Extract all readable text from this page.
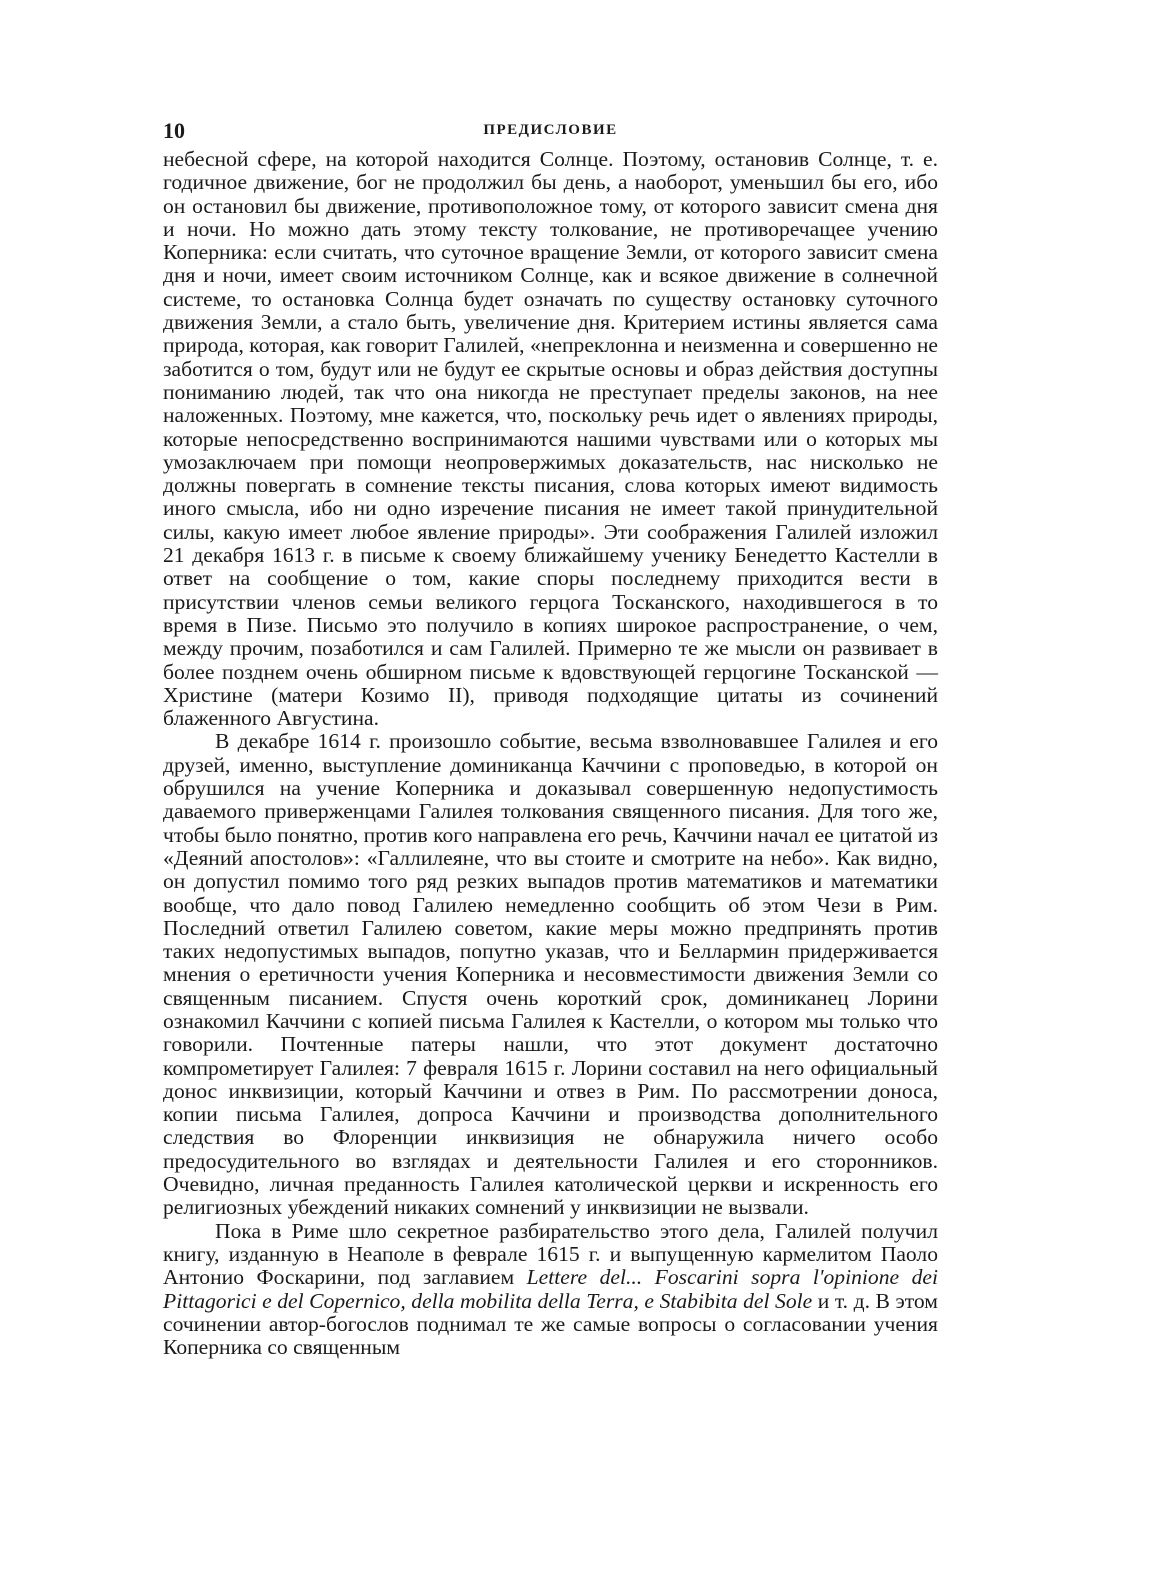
10	ПРЕДИСЛОВИЕ

небесной сфере, на которой находится Солнце. Поэтому, остановив Солнце, т. е. годичное движение, бог не продолжил бы день, а наоборот, уменьшил бы его, ибо он остановил бы движение, противоположное тому, от которого зависит смена дня и ночи. Но можно дать этому тексту толкование, не противоречащее учению Коперника: если считать, что суточное вращение Земли, от которого зависит смена дня и ночи, имеет своим источником Солнце, как и всякое движение в солнечной системе, то остановка Солнца будет означать по существу остановку суточного движения Земли, а стало быть, увеличение дня. Критерием истины является сама природа, которая, как говорит Галилей, «непреклонна и неизменна и совершенно не заботится о том, будут или не будут ее скрытые основы и образ действия доступны пониманию людей, так что она никогда не преступает пределы законов, на нее наложенных. Поэтому, мне кажется, что, поскольку речь идет о явлениях природы, которые непосредственно воспринимаются нашими чувствами или о которых мы умозаключаем при помощи неопровержимых доказательств, нас нисколько не должны повергать в сомнение тексты писания, слова которых имеют видимость иного смысла, ибо ни одно изречение писания не имеет такой принудительной силы, какую имеет любое явление природы». Эти соображения Галилей изложил 21 декабря 1613 г. в письме к своему ближайшему ученику Бенедетто Кастелли в ответ на сообщение о том, какие споры последнему приходится вести в присутствии членов семьи великого герцога Тосканского, находившегося в то время в Пизе. Письмо это получило в копиях широкое распространение, о чем, между прочим, позаботился и сам Галилей. Примерно те же мысли он развивает в более позднем очень обширном письме к вдовствующей герцогине Тосканской — Христине (матери Козимо II), приводя подходящие цитаты из сочинений блаженного Августина.

В декабре 1614 г. произошло событие, весьма взволновавшее Галилея и его друзей, именно, выступление доминиканца Каччини с проповедью, в которой он обрушился на учение Коперника и доказывал совершенную недопустимость даваемого приверженцами Галилея толкования священного писания. Для того же, чтобы было понятно, против кого направлена его речь, Каччини начал ее цитатой из «Деяний апостолов»: «Галлилеяне, что вы стоите и смотрите на небо». Как видно, он допустил помимо того ряд резких выпадов против математиков и математики вообще, что дало повод Галилею немедленно сообщить об этом Чези в Рим. Последний ответил Галилею советом, какие меры можно предпринять против таких недопустимых выпадов, попутно указав, что и Беллармин придерживается мнения о еретичности учения Коперника и несовместимости движения Земли со священным писанием. Спустя очень короткий срок, доминиканец Лорини ознакомил Каччини с копией письма Галилея к Кастелли, о котором мы только что говорили. Почтенные патеры нашли, что этот документ достаточно компрометирует Галилея: 7 февраля 1615 г. Лорини составил на него официальный донос инквизиции, который Каччини и отвез в Рим. По рассмотрении доноса, копии письма Галилея, допроса Каччини и производства дополнительного следствия во Флоренции инквизиция не обнаружила ничего особо предосудительного во взглядах и деятельности Галилея и его сторонников. Очевидно, личная преданность Галилея католической церкви и искренность его религиозных убеждений никаких сомнений у инквизиции не вызвали.

Пока в Риме шло секретное разбирательство этого дела, Галилей получил книгу, изданную в Неаполе в феврале 1615 г. и выпущенную кармелитом Паоло Антонио Фоскарини, под заглавием Lettere del... Foscarini sopra l'opinione dei Pittagorici e del Copernico, della mobilita della Terra, e Stabibita del Sole и т. д. В этом сочинении автор-богослов поднимал те же самые вопросы о согласовании учения Коперника со священным
